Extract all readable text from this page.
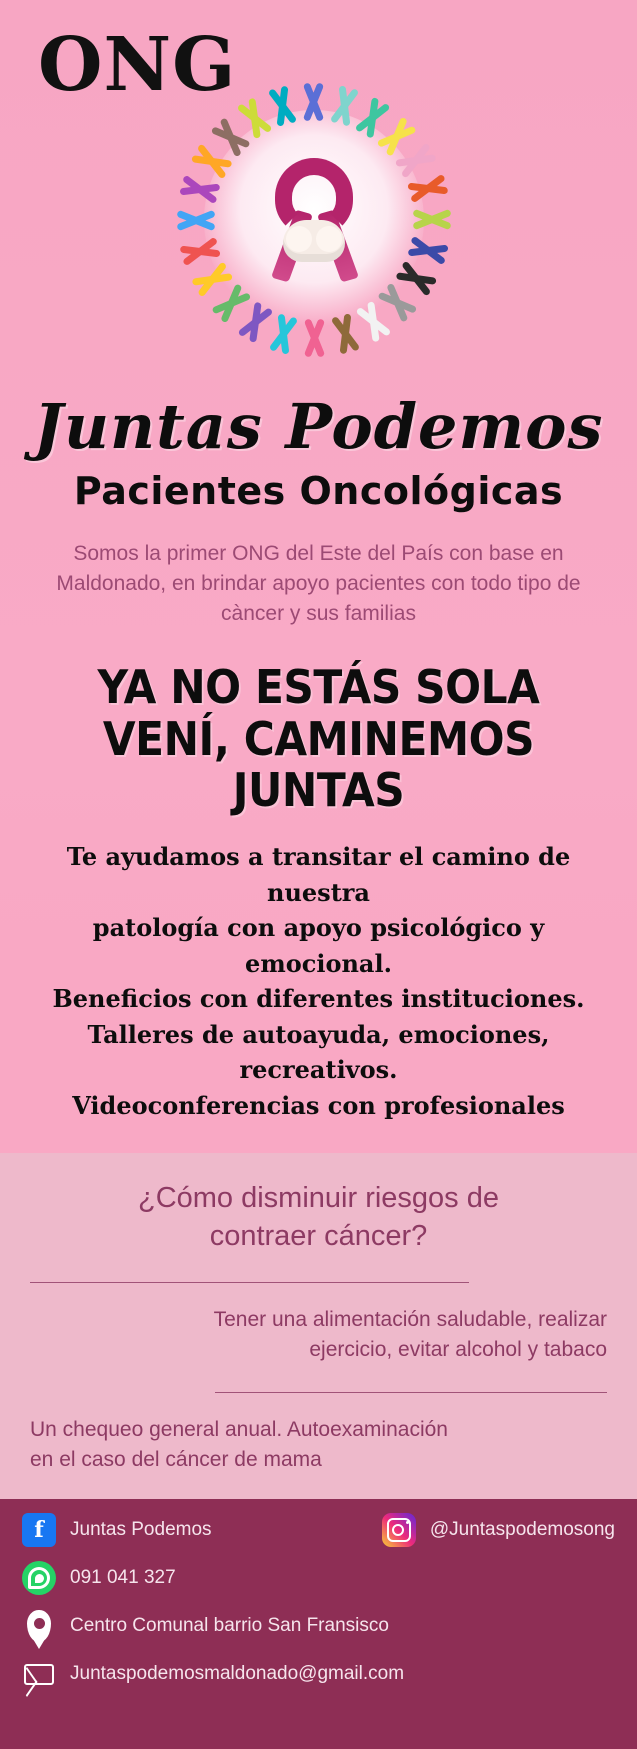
ONG
Juntas Podemos
Pacientes Oncológicas
Somos la primer ONG del Este del País con base en Maldonado, en brindar apoyo pacientes con todo tipo de càncer y sus familias
YA NO ESTÁS SOLA
VENÍ, CAMINEMOS JUNTAS
Te ayudamos a transitar el camino de nuestra
patología con apoyo psicológico y emocional.
Beneficios con diferentes instituciones.
Talleres de autoayuda, emociones, recreativos.
Videoconferencias con profesionales
¿Cómo disminuir riesgos de
contraer cáncer?
Tener una alimentación saludable, realizar
ejercicio, evitar alcohol y tabaco
Un chequeo general anual. Autoexaminación
en el caso del cáncer de mama
f Juntas Podemos	@Juntaspodemosong
091 041 327
Centro Comunal barrio San Fransisco
Juntaspodemosmaldonado@gmail.com
